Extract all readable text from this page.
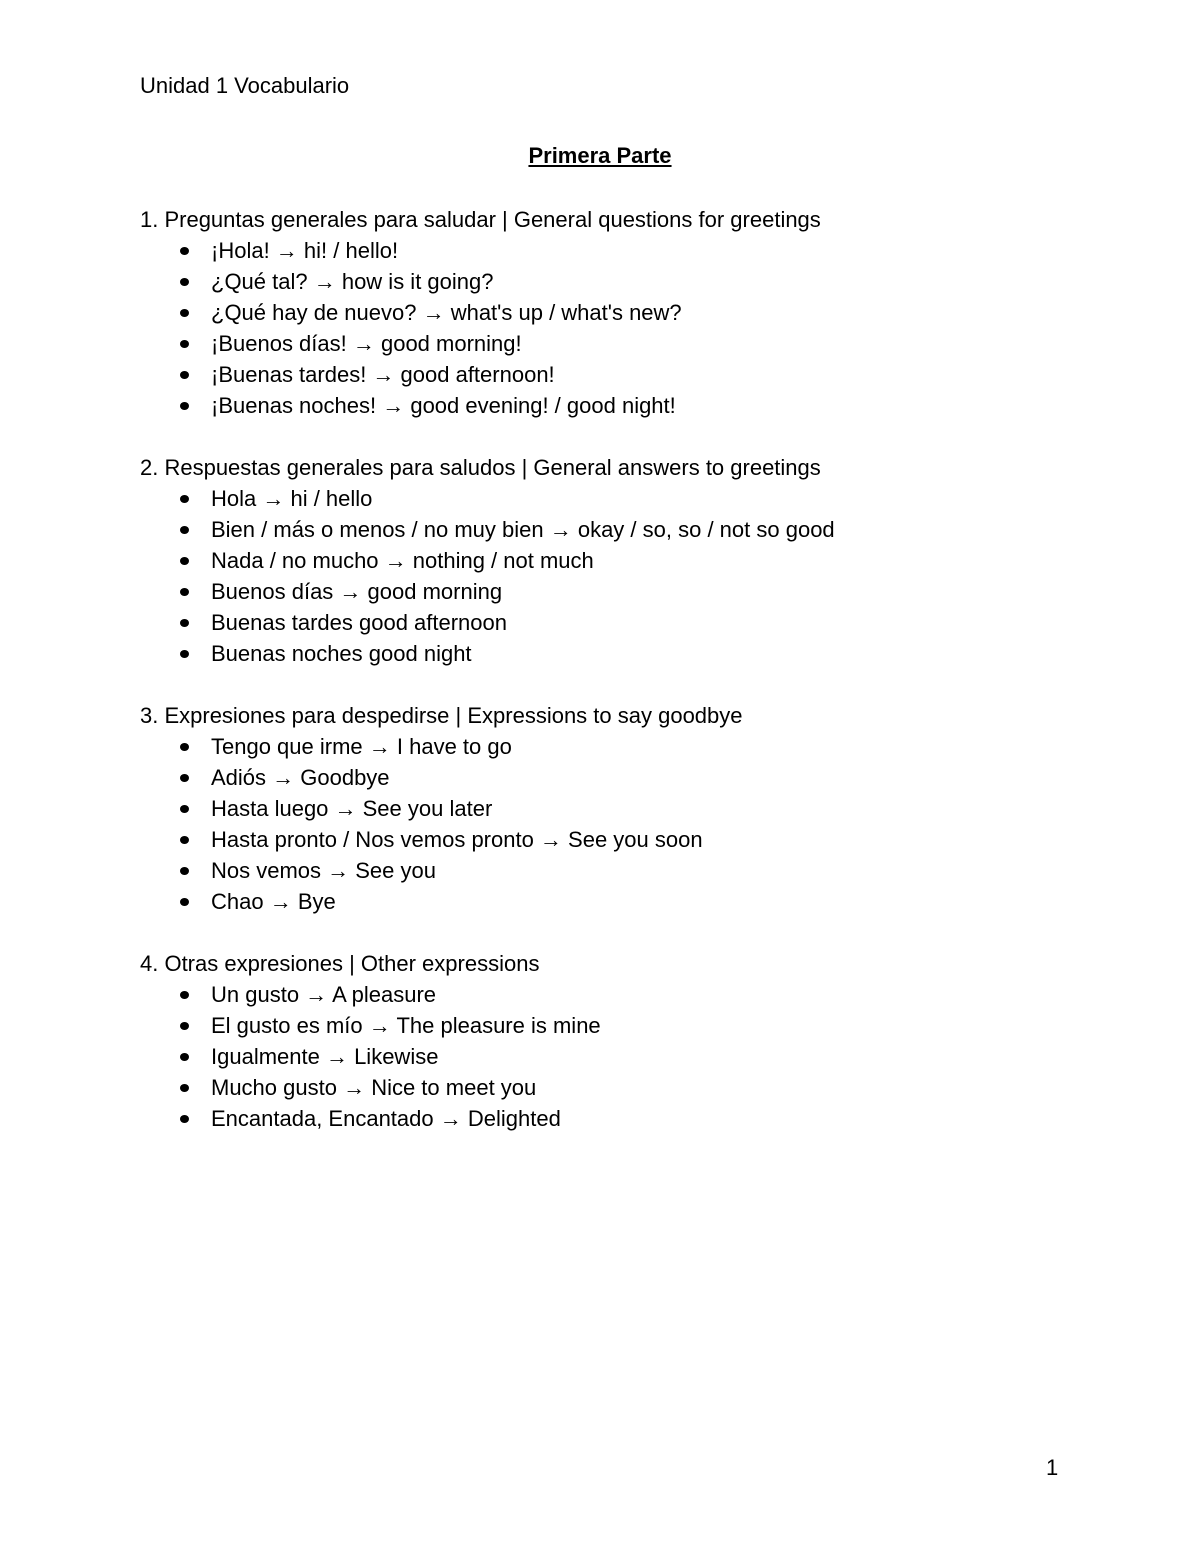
Unidad 1 Vocabulario
Primera Parte
1. Preguntas generales para saludar | General questions for greetings
¡Hola! → hi! / hello!
¿Qué tal? → how is it going?
¿Qué hay de nuevo? → what's up / what's new?
¡Buenos días! → good morning!
¡Buenas tardes! → good afternoon!
¡Buenas noches! → good evening! / good night!
2. Respuestas generales para saludos | General answers to greetings
Hola → hi / hello
Bien / más o menos / no muy bien → okay / so, so / not so good
Nada / no mucho → nothing / not much
Buenos días → good morning
Buenas tardes good afternoon
Buenas noches good night
3. Expresiones para despedirse | Expressions to say goodbye
Tengo que irme → I have to go
Adiós → Goodbye
Hasta luego → See you later
Hasta pronto / Nos vemos pronto → See you soon
Nos vemos → See you
Chao → Bye
4. Otras expresiones | Other expressions
Un gusto → A pleasure
El gusto es mío → The pleasure is mine
Igualmente → Likewise
Mucho gusto → Nice to meet you
Encantada, Encantado → Delighted
1
